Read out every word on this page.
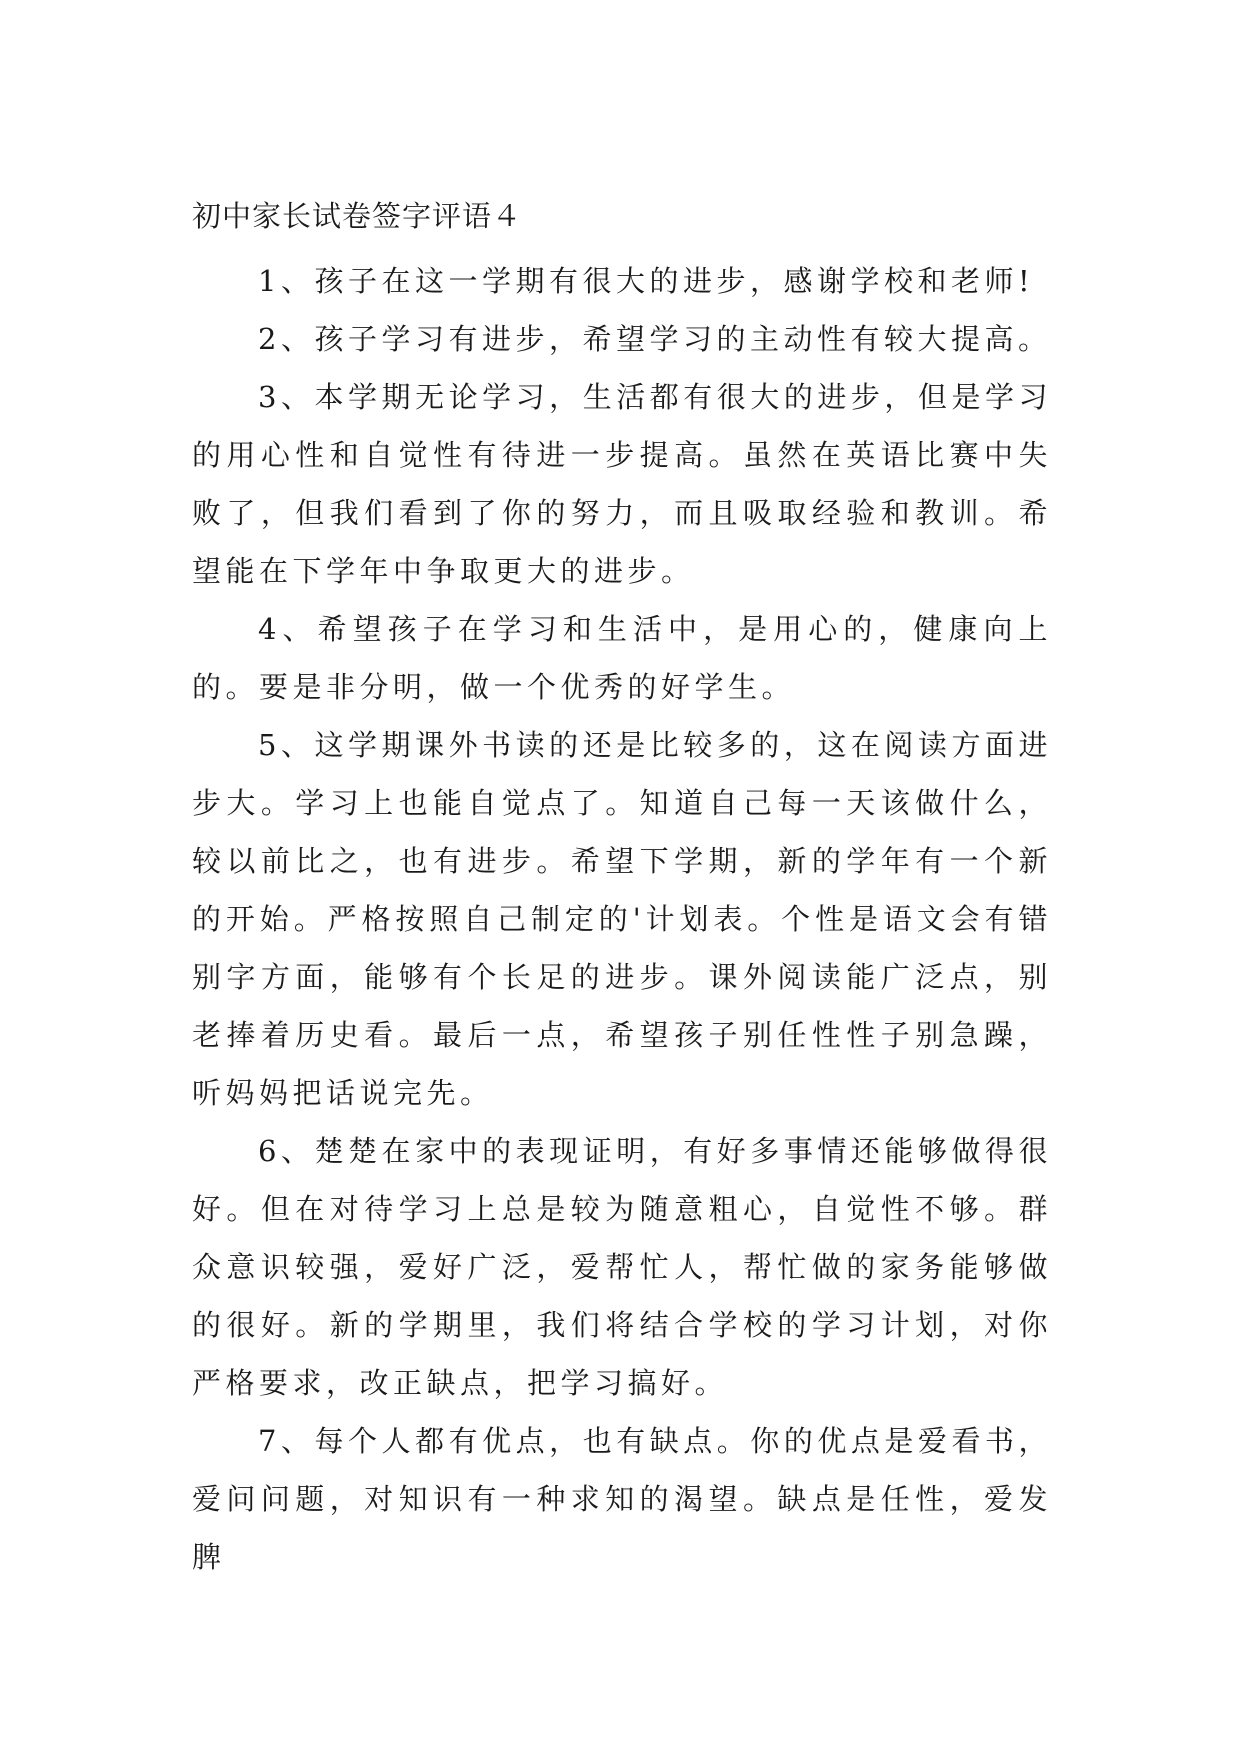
初中家长试卷签字评语４

1、孩子在这一学期有很大的进步，感谢学校和老师!

2、孩子学习有进步，希望学习的主动性有较大提高。

3、本学期无论学习，生活都有很大的进步，但是学习的用心性和自觉性有待进一步提高。虽然在英语比赛中失败了，但我们看到了你的努力，而且吸取经验和教训。希望能在下学年中争取更大的进步。

4、希望孩子在学习和生活中，是用心的，健康向上的。要是非分明，做一个优秀的好学生。

5、这学期课外书读的还是比较多的，这在阅读方面进步大。学习上也能自觉点了。知道自己每一天该做什么，较以前比之，也有进步。希望下学期，新的学年有一个新的开始。严格按照自己制定的'计划表。个性是语文会有错别字方面，能够有个长足的进步。课外阅读能广泛点，别老捧着历史看。最后一点，希望孩子别任性性子别急躁，听妈妈把话说完先。

6、楚楚在家中的表现证明，有好多事情还能够做得很好。但在对待学习上总是较为随意粗心，自觉性不够。群众意识较强，爱好广泛，爱帮忙人，帮忙做的家务能够做的很好。新的学期里，我们将结合学校的学习计划，对你严格要求，改正缺点，把学习搞好。

7、每个人都有优点，也有缺点。你的优点是爱看书，爱问问题，对知识有一种求知的渴望。缺点是任性，爱发脾
